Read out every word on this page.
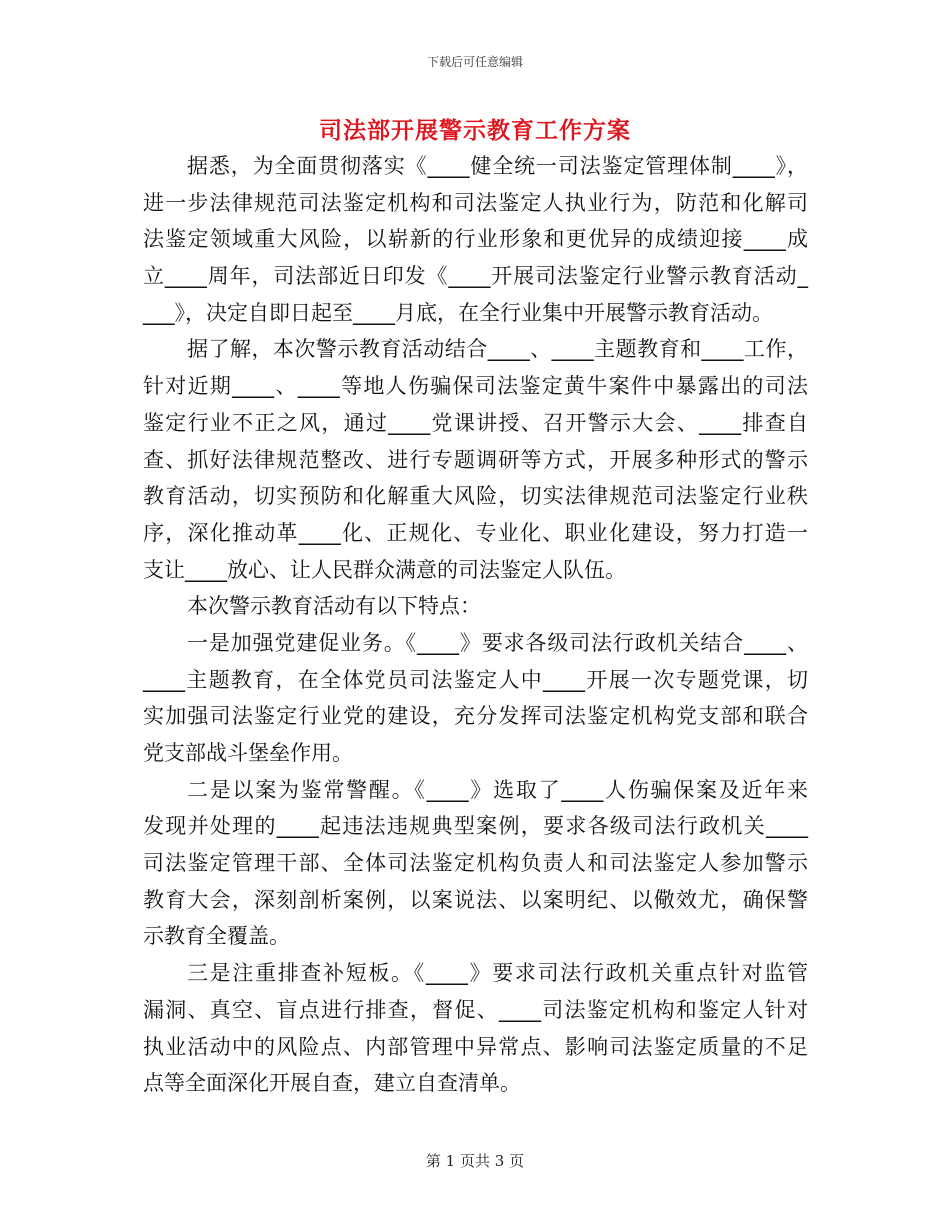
下载后可任意编辑
司法部开展警示教育工作方案
据悉，为全面贯彻落实《____健全统一司法鉴定管理体制____》，
进一步法律规范司法鉴定机构和司法鉴定人执业行为，防范和化解司
法鉴定领域重大风险，以崭新的行业形象和更优异的成绩迎接____成
立____周年，司法部近日印发《____开展司法鉴定行业警示教育活动_
___》，决定自即日起至____月底，在全行业集中开展警示教育活动。
据了解，本次警示教育活动结合____、____主题教育和____工作，
针对近期____、____等地人伤骗保司法鉴定黄牛案件中暴露出的司法
鉴定行业不正之风，通过____党课讲授、召开警示大会、____排查自
查、抓好法律规范整改、进行专题调研等方式，开展多种形式的警示
教育活动，切实预防和化解重大风险，切实法律规范司法鉴定行业秩
序，深化推动革____化、正规化、专业化、职业化建设，努力打造一
支让____放心、让人民群众满意的司法鉴定人队伍。
本次警示教育活动有以下特点：
一是加强党建促业务。《____》要求各级司法行政机关结合____、
____主题教育，在全体党员司法鉴定人中____开展一次专题党课，切
实加强司法鉴定行业党的建设，充分发挥司法鉴定机构党支部和联合
党支部战斗堡垒作用。
二是以案为鉴常警醒。《____》选取了____人伤骗保案及近年来
发现并处理的____起违法违规典型案例，要求各级司法行政机关____
司法鉴定管理干部、全体司法鉴定机构负责人和司法鉴定人参加警示
教育大会，深刻剖析案例，以案说法、以案明纪、以儆效尤，确保警
示教育全覆盖。
三是注重排查补短板。《____》要求司法行政机关重点针对监管
漏洞、真空、盲点进行排查，督促、____司法鉴定机构和鉴定人针对
执业活动中的风险点、内部管理中异常点、影响司法鉴定质量的不足
点等全面深化开展自查，建立自查清单。
第 1 页共 3 页
